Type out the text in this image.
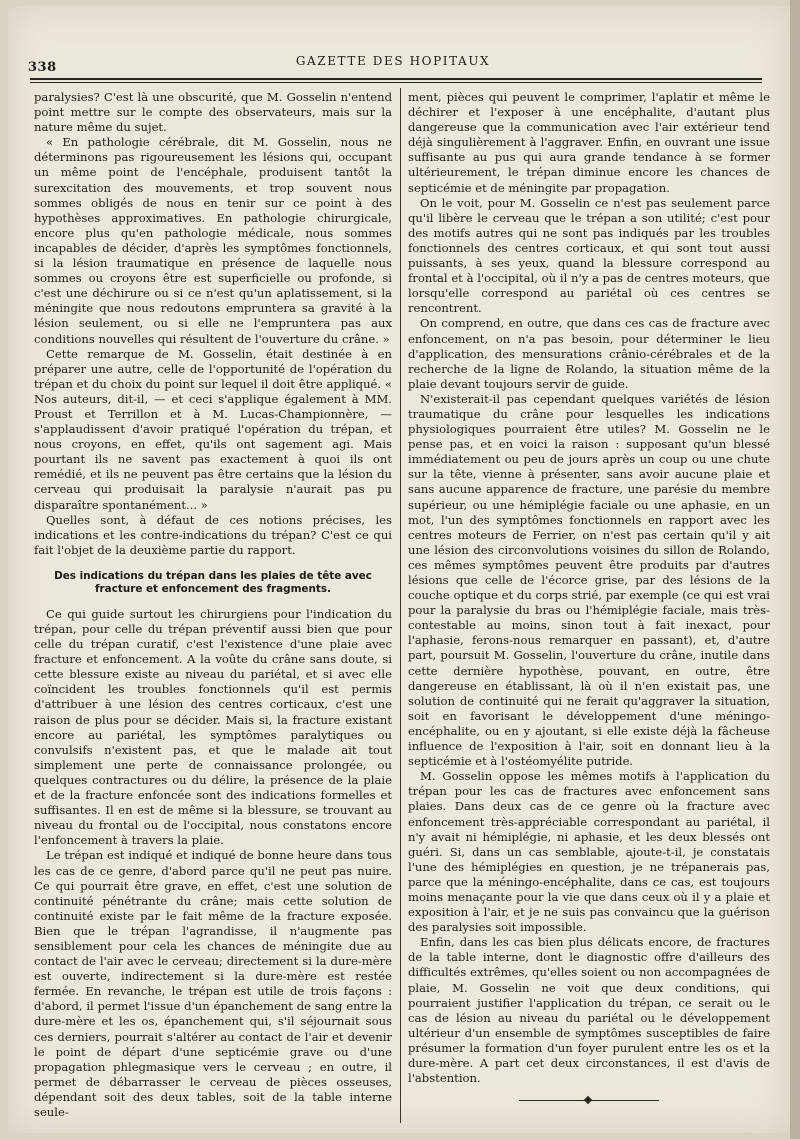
338	GAZETTE DES HOPITAUX

paralysies? C'est là une obscurité, que M. Gosselin n'entend point mettre sur le compte des observateurs, mais sur la nature même du sujet.

« En pathologie cérébrale, dit M. Gosselin, nous ne déterminons pas rigoureusement les lésions qui, occupant un même point de l'encéphale, produisent tantôt la surexcitation des mouvements, et trop souvent nous sommes obligés de nous en tenir sur ce point à des hypothèses approximatives. En pathologie chirurgicale, encore plus qu'en pathologie médicale, nous sommes incapables de décider, d'après les symptômes fonctionnels, si la lésion traumatique en présence de laquelle nous sommes ou croyons être est superficielle ou profonde, si c'est une déchirure ou si ce n'est qu'un aplatissement, si la méningite que nous redoutons empruntera sa gravité à la lésion seulement, ou si elle ne l'empruntera pas aux conditions nouvelles qui résultent de l'ouverture du crâne. »

Cette remarque de M. Gosselin, était destinée à en préparer une autre, celle de l'opportunité de l'opération du trépan et du choix du point sur lequel il doit être appliqué. « Nos auteurs, dit-il, — et ceci s'applique également à MM. Proust et Terrillon et à M. Lucas-Championnère, — s'applaudissent d'avoir pratiqué l'opération du trépan, et nous croyons, en effet, qu'ils ont sagement agi. Mais pourtant ils ne savent pas exactement à quoi ils ont remédié, et ils ne peuvent pas être certains que la lésion du cerveau qui produisait la paralysie n'aurait pas pu disparaître spontanément... »

Quelles sont, à défaut de ces notions précises, les indications et les contre-indications du trépan? C'est ce qui fait l'objet de la deuxième partie du rapport.

Des indications du trépan dans les plaies de tête avec fracture et enfoncement des fragments.

Ce qui guide surtout les chirurgiens pour l'indication du trépan, pour celle du trépan préventif aussi bien que pour celle du trépan curatif, c'est l'existence d'une plaie avec fracture et enfoncement. A la voûte du crâne sans doute, si cette blessure existe au niveau du pariétal, et si avec elle coïncident les troubles fonctionnels qu'il est permis d'attribuer à une lésion des centres corticaux, c'est une raison de plus pour se décider. Mais si, la fracture existant encore au pariétal, les symptômes paralytiques ou convulsifs n'existent pas, et que le malade ait tout simplement une perte de connaissance prolongée, ou quelques contractures ou du délire, la présence de la plaie et de la fracture enfoncée sont des indications formelles et suffisantes. Il en est de même si la blessure, se trouvant au niveau du frontal ou de l'occipital, nous constatons encore l'enfoncement à travers la plaie.

Le trépan est indiqué et indiqué de bonne heure dans tous les cas de ce genre, d'abord parce qu'il ne peut pas nuire. Ce qui pourrait être grave, en effet, c'est une solution de continuité pénétrante du crâne; mais cette solution de continuité existe par le fait même de la fracture exposée. Bien que le trépan l'agrandisse, il n'augmente pas sensiblement pour cela les chances de méningite due au contact de l'air avec le cerveau; directement si la dure-mère est ouverte, indirectement si la dure-mère est restée fermée. En revanche, le trépan est utile de trois façons : d'abord, il permet l'issue d'un épanchement de sang entre la dure-mère et les os, épanchement qui, s'il séjournait sous ces derniers, pourrait s'altérer au contact de l'air et devenir le point de départ d'une septicémie grave ou d'une propagation phlegmasique vers le cerveau ; en outre, il permet de débarrasser le cerveau de pièces osseuses, dépendant soit des deux tables, soit de la table interne seule-

ment, pièces qui peuvent le comprimer, l'aplatir et même le déchirer et l'exposer à une encéphalite, d'autant plus dangereuse que la communication avec l'air extérieur tend déjà singulièrement à l'aggraver. Enfin, en ouvrant une issue suffisante au pus qui aura grande tendance à se former ultérieurement, le trépan diminue encore les chances de septicémie et de méningite par propagation.

On le voit, pour M. Gosselin ce n'est pas seulement parce qu'il libère le cerveau que le trépan a son utilité; c'est pour des motifs autres qui ne sont pas indiqués par les troubles fonctionnels des centres corticaux, et qui sont tout aussi puissants, à ses yeux, quand la blessure correspond au frontal et à l'occipital, où il n'y a pas de centres moteurs, que lorsqu'elle correspond au pariétal où ces centres se rencontrent.

On comprend, en outre, que dans ces cas de fracture avec enfoncement, on n'a pas besoin, pour déterminer le lieu d'application, des mensurations crânio-cérébrales et de la recherche de la ligne de Rolando, la situation même de la plaie devant toujours servir de guide.

N'existerait-il pas cependant quelques variétés de lésion traumatique du crâne pour lesquelles les indications physiologiques pourraient être utiles? M. Gosselin ne le pense pas, et en voici la raison : supposant qu'un blessé immédiatement ou peu de jours après un coup ou une chute sur la tête, vienne à présenter, sans avoir aucune plaie et sans aucune apparence de fracture, une parésie du membre supérieur, ou une hémiplégie faciale ou une aphasie, en un mot, l'un des symptômes fonctionnels en rapport avec les centres moteurs de Ferrier, on n'est pas certain qu'il y ait une lésion des circonvolutions voisines du sillon de Rolando, ces mêmes symptômes peuvent être produits par d'autres lésions que celle de l'écorce grise, par des lésions de la couche optique et du corps strié, par exemple (ce qui est vrai pour la paralysie du bras ou l'hémiplégie faciale, mais très-contestable au moins, sinon tout à fait inexact, pour l'aphasie, ferons-nous remarquer en passant), et, d'autre part, poursuit M. Gosselin, l'ouverture du crâne, inutile dans cette dernière hypothèse, pouvant, en outre, être dangereuse en établissant, là où il n'en existait pas, une solution de continuité qui ne ferait qu'aggraver la situation, soit en favorisant le développement d'une méningo-encéphalite, ou en y ajoutant, si elle existe déjà la fâcheuse influence de l'exposition à l'air, soit en donnant lieu à la septicémie et à l'ostéomyélite putride.

M. Gosselin oppose les mêmes motifs à l'application du trépan pour les cas de fractures avec enfoncement sans plaies. Dans deux cas de ce genre où la fracture avec enfoncement très-appréciable correspondant au pariétal, il n'y avait ni hémiplégie, ni aphasie, et les deux blessés ont guéri. Si, dans un cas semblable, ajoute-t-il, je constatais l'une des hémiplégies en question, je ne trépanerais pas, parce que la méningo-encéphalite, dans ce cas, est toujours moins menaçante pour la vie que dans ceux où il y a plaie et exposition à l'air, et je ne suis pas convaincu que la guérison des paralysies soit impossible.

Enfin, dans les cas bien plus délicats encore, de fractures de la table interne, dont le diagnostic offre d'ailleurs des difficultés extrêmes, qu'elles soient ou non accompagnées de plaie, M. Gosselin ne voit que deux conditions, qui pourraient justifier l'application du trépan, ce serait ou le cas de lésion au niveau du pariétal ou le développement ultérieur d'un ensemble de symptômes susceptibles de faire présumer la formation d'un foyer purulent entre les os et la dure-mère. A part cet deux circonstances, il est d'avis de l'abstention.
